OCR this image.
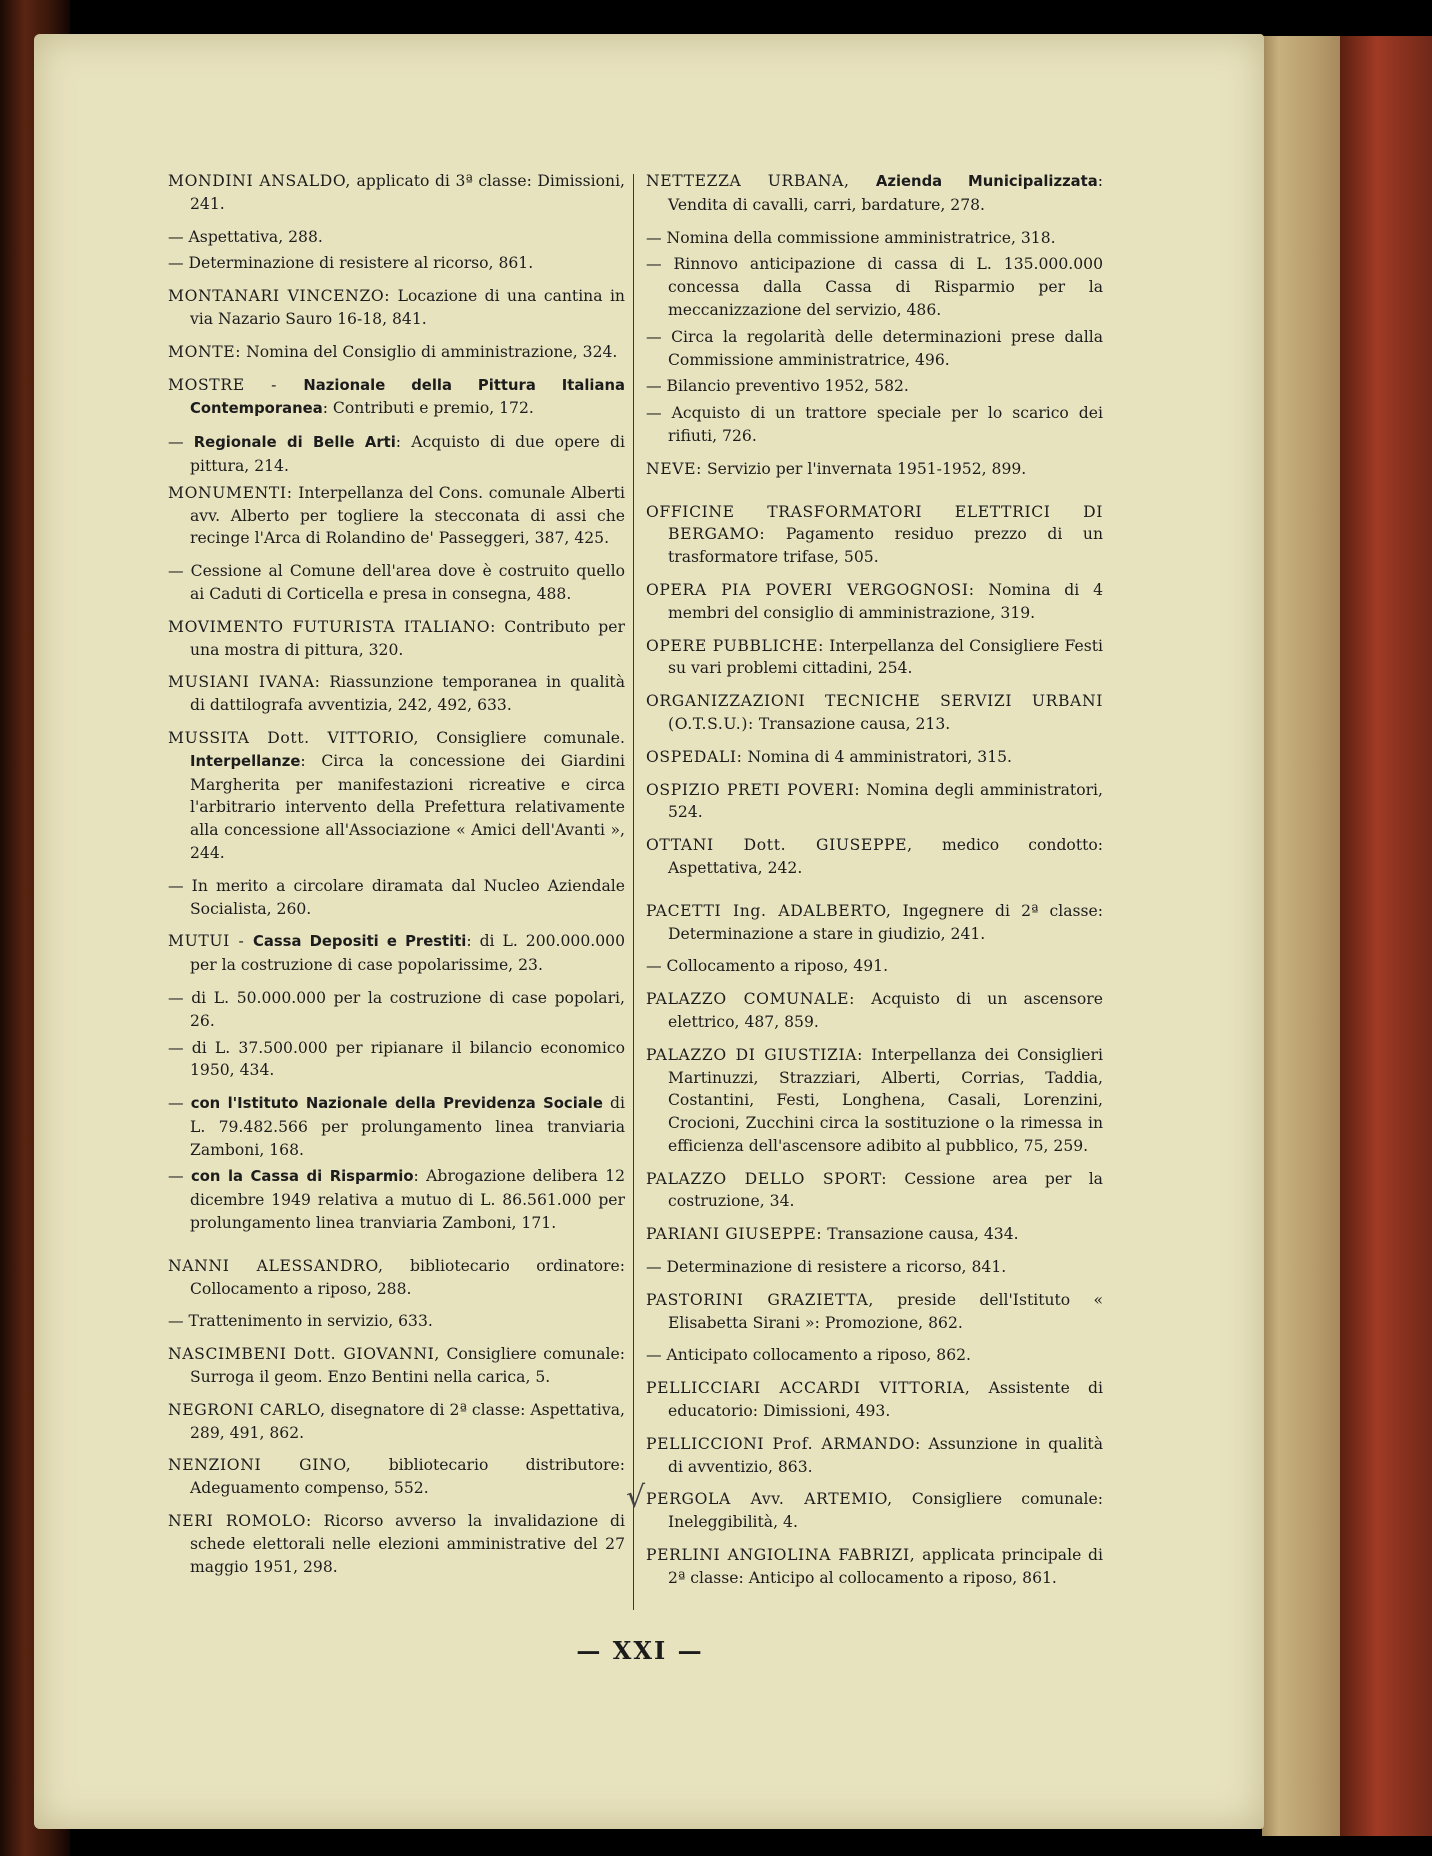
MONDINI ANSALDO, applicato di 3ª classe: Dimissioni, 241.

— Aspettativa, 288.

— Determinazione di resistere al ricorso, 861.

MONTANARI VINCENZO: Locazione di una cantina in via Nazario Sauro 16-18, 841.

MONTE: Nomina del Consiglio di amministrazione, 324.

MOSTRE - Nazionale della Pittura Italiana Contemporanea: Contributi e premio, 172.

— Regionale di Belle Arti: Acquisto di due opere di pittura, 214.

MONUMENTI: Interpellanza del Cons. comunale Alberti avv. Alberto per togliere la stecconata di assi che recinge l'Arca di Rolandino de' Passeggeri, 387, 425.

— Cessione al Comune dell'area dove è costruito quello ai Caduti di Corticella e presa in consegna, 488.

MOVIMENTO FUTURISTA ITALIANO: Contributo per una mostra di pittura, 320.

MUSIANI IVANA: Riassunzione temporanea in qualità di dattilografa avventizia, 242, 492, 633.

MUSSITA Dott. VITTORIO, Consigliere comunale. Interpellanze: Circa la concessione dei Giardini Margherita per manifestazioni ricreative e circa l'arbitrario intervento della Prefettura relativamente alla concessione all'Associazione « Amici dell'Avanti », 244.

— In merito a circolare diramata dal Nucleo Aziendale Socialista, 260.

MUTUI - Cassa Depositi e Prestiti: di L. 200.000.000 per la costruzione di case popolarissime, 23.

— di L. 50.000.000 per la costruzione di case popolari, 26.

— di L. 37.500.000 per ripianare il bilancio economico 1950, 434.

— con l'Istituto Nazionale della Previdenza Sociale di L. 79.482.566 per prolungamento linea tranviaria Zamboni, 168.

— con la Cassa di Risparmio: Abrogazione delibera 12 dicembre 1949 relativa a mutuo di L. 86.561.000 per prolungamento linea tranviaria Zamboni, 171.

NANNI ALESSANDRO, bibliotecario ordinatore: Collocamento a riposo, 288.

— Trattenimento in servizio, 633.

NASCIMBENI Dott. GIOVANNI, Consigliere comunale: Surroga il geom. Enzo Bentini nella carica, 5.

NEGRONI CARLO, disegnatore di 2ª classe: Aspettativa, 289, 491, 862.

NENZIONI GINO, bibliotecario distributore: Adeguamento compenso, 552.

NERI ROMOLO: Ricorso avverso la invalidazione di schede elettorali nelle elezioni amministrative del 27 maggio 1951, 298.

NETTEZZA URBANA, Azienda Municipalizzata: Vendita di cavalli, carri, bardature, 278.

— Nomina della commissione amministratrice, 318.

— Rinnovo anticipazione di cassa di L. 135.000.000 concessa dalla Cassa di Risparmio per la meccanizzazione del servizio, 486.

— Circa la regolarità delle determinazioni prese dalla Commissione amministratrice, 496.

— Bilancio preventivo 1952, 582.

— Acquisto di un trattore speciale per lo scarico dei rifiuti, 726.

NEVE: Servizio per l'invernata 1951-1952, 899.

OFFICINE TRASFORMATORI ELETTRICI DI BERGAMO: Pagamento residuo prezzo di un trasformatore trifase, 505.

OPERA PIA POVERI VERGOGNOSI: Nomina di 4 membri del consiglio di amministrazione, 319.

OPERE PUBBLICHE: Interpellanza del Consigliere Festi su vari problemi cittadini, 254.

ORGANIZZAZIONI TECNICHE SERVIZI URBANI (O.T.S.U.): Transazione causa, 213.

OSPEDALI: Nomina di 4 amministratori, 315.

OSPIZIO PRETI POVERI: Nomina degli amministratori, 524.

OTTANI Dott. GIUSEPPE, medico condotto: Aspettativa, 242.

PACETTI Ing. ADALBERTO, Ingegnere di 2ª classe: Determinazione a stare in giudizio, 241.

— Collocamento a riposo, 491.

PALAZZO COMUNALE: Acquisto di un ascensore elettrico, 487, 859.

PALAZZO DI GIUSTIZIA: Interpellanza dei Consiglieri Martinuzzi, Strazziari, Alberti, Corrias, Taddia, Costantini, Festi, Longhena, Casali, Lorenzini, Crocioni, Zucchini circa la sostituzione o la rimessa in efficienza dell'ascensore adibito al pubblico, 75, 259.

PALAZZO DELLO SPORT: Cessione area per la costruzione, 34.

PARIANI GIUSEPPE: Transazione causa, 434.

— Determinazione di resistere a ricorso, 841.

PASTORINI GRAZIETTA, preside dell'Istituto « Elisabetta Sirani »: Promozione, 862.

— Anticipato collocamento a riposo, 862.

PELLICCIARI ACCARDI VITTORIA, Assistente di educatorio: Dimissioni, 493.

PELLICCIONI Prof. ARMANDO: Assunzione in qualità di avventizio, 863.

PERGOLA Avv. ARTEMIO, Consigliere comunale: Ineleggibilità, 4.

PERLINI ANGIOLINA FABRIZI, applicata principale di 2ª classe: Anticipo al collocamento a riposo, 861.

√
— XXI —
